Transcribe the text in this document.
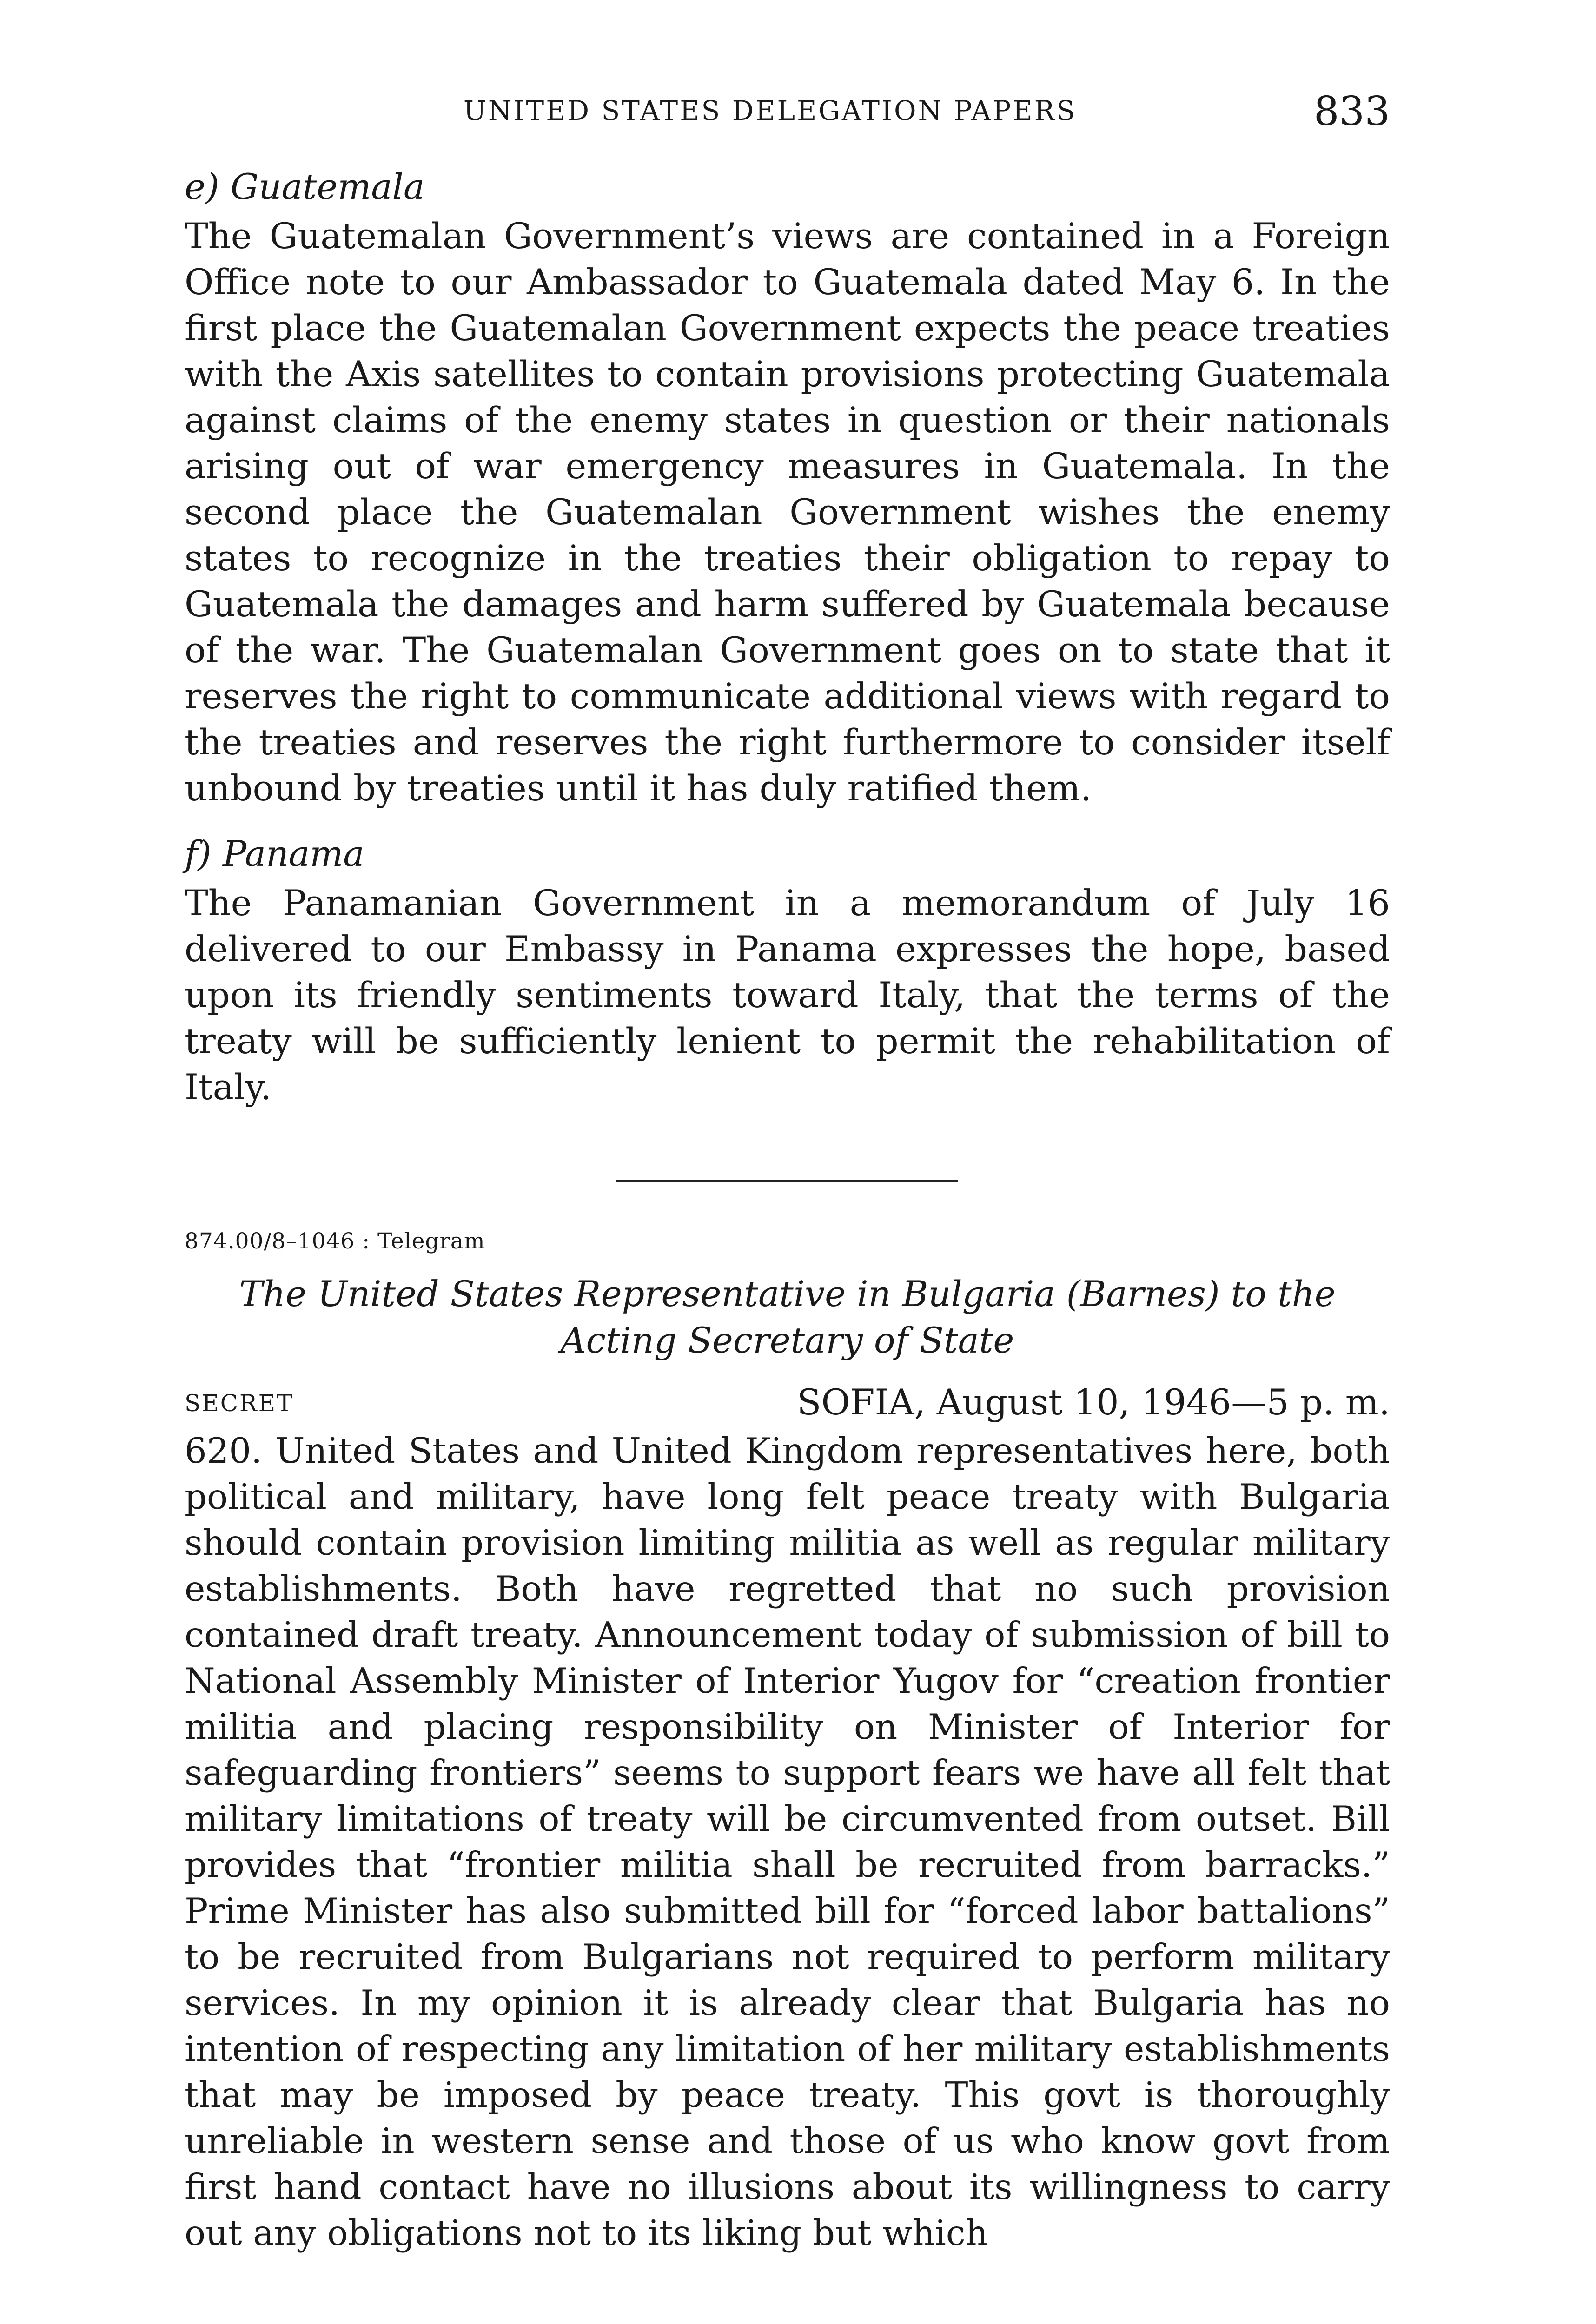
UNITED STATES DELEGATION PAPERS	833
e) Guatemala

The Guatemalan Government’s views are contained in a Foreign Office note to our Ambassador to Guatemala dated May 6. In the first place the Guatemalan Government expects the peace treaties with the Axis satellites to contain provisions protecting Guatemala against claims of the enemy states in question or their nationals arising out of war emergency measures in Guatemala. In the second place the Guatemalan Government wishes the enemy states to recognize in the treaties their obligation to repay to Guatemala the damages and harm suffered by Guatemala because of the war. The Guatemalan Government goes on to state that it reserves the right to communicate additional views with regard to the treaties and reserves the right furthermore to consider itself unbound by treaties until it has duly ratified them.

f) Panama

The Panamanian Government in a memorandum of July 16 delivered to our Embassy in Panama expresses the hope, based upon its friendly sentiments toward Italy, that the terms of the treaty will be sufficiently lenient to permit the rehabilitation of Italy.

874.00/8–1046 : Telegram
The United States Representative in Bulgaria (Barnes) to the
Acting Secretary of State
SECRET	SOFIA, August 10, 1946—5 p. m.

620. United States and United Kingdom representatives here, both political and military, have long felt peace treaty with Bulgaria should contain provision limiting militia as well as regular military establishments. Both have regretted that no such provision contained draft treaty. Announcement today of submission of bill to National Assembly Minister of Interior Yugov for “creation frontier militia and placing responsibility on Minister of Interior for safeguarding frontiers” seems to support fears we have all felt that military limitations of treaty will be circumvented from outset. Bill provides that “frontier militia shall be recruited from barracks.” Prime Minister has also submitted bill for “forced labor battalions” to be recruited from Bulgarians not required to perform military services. In my opinion it is already clear that Bulgaria has no intention of respecting any limitation of her military establishments that may be imposed by peace treaty. This govt is thoroughly unreliable in western sense and those of us who know govt from first hand contact have no illusions about its willingness to carry out any obligations not to its liking but which
